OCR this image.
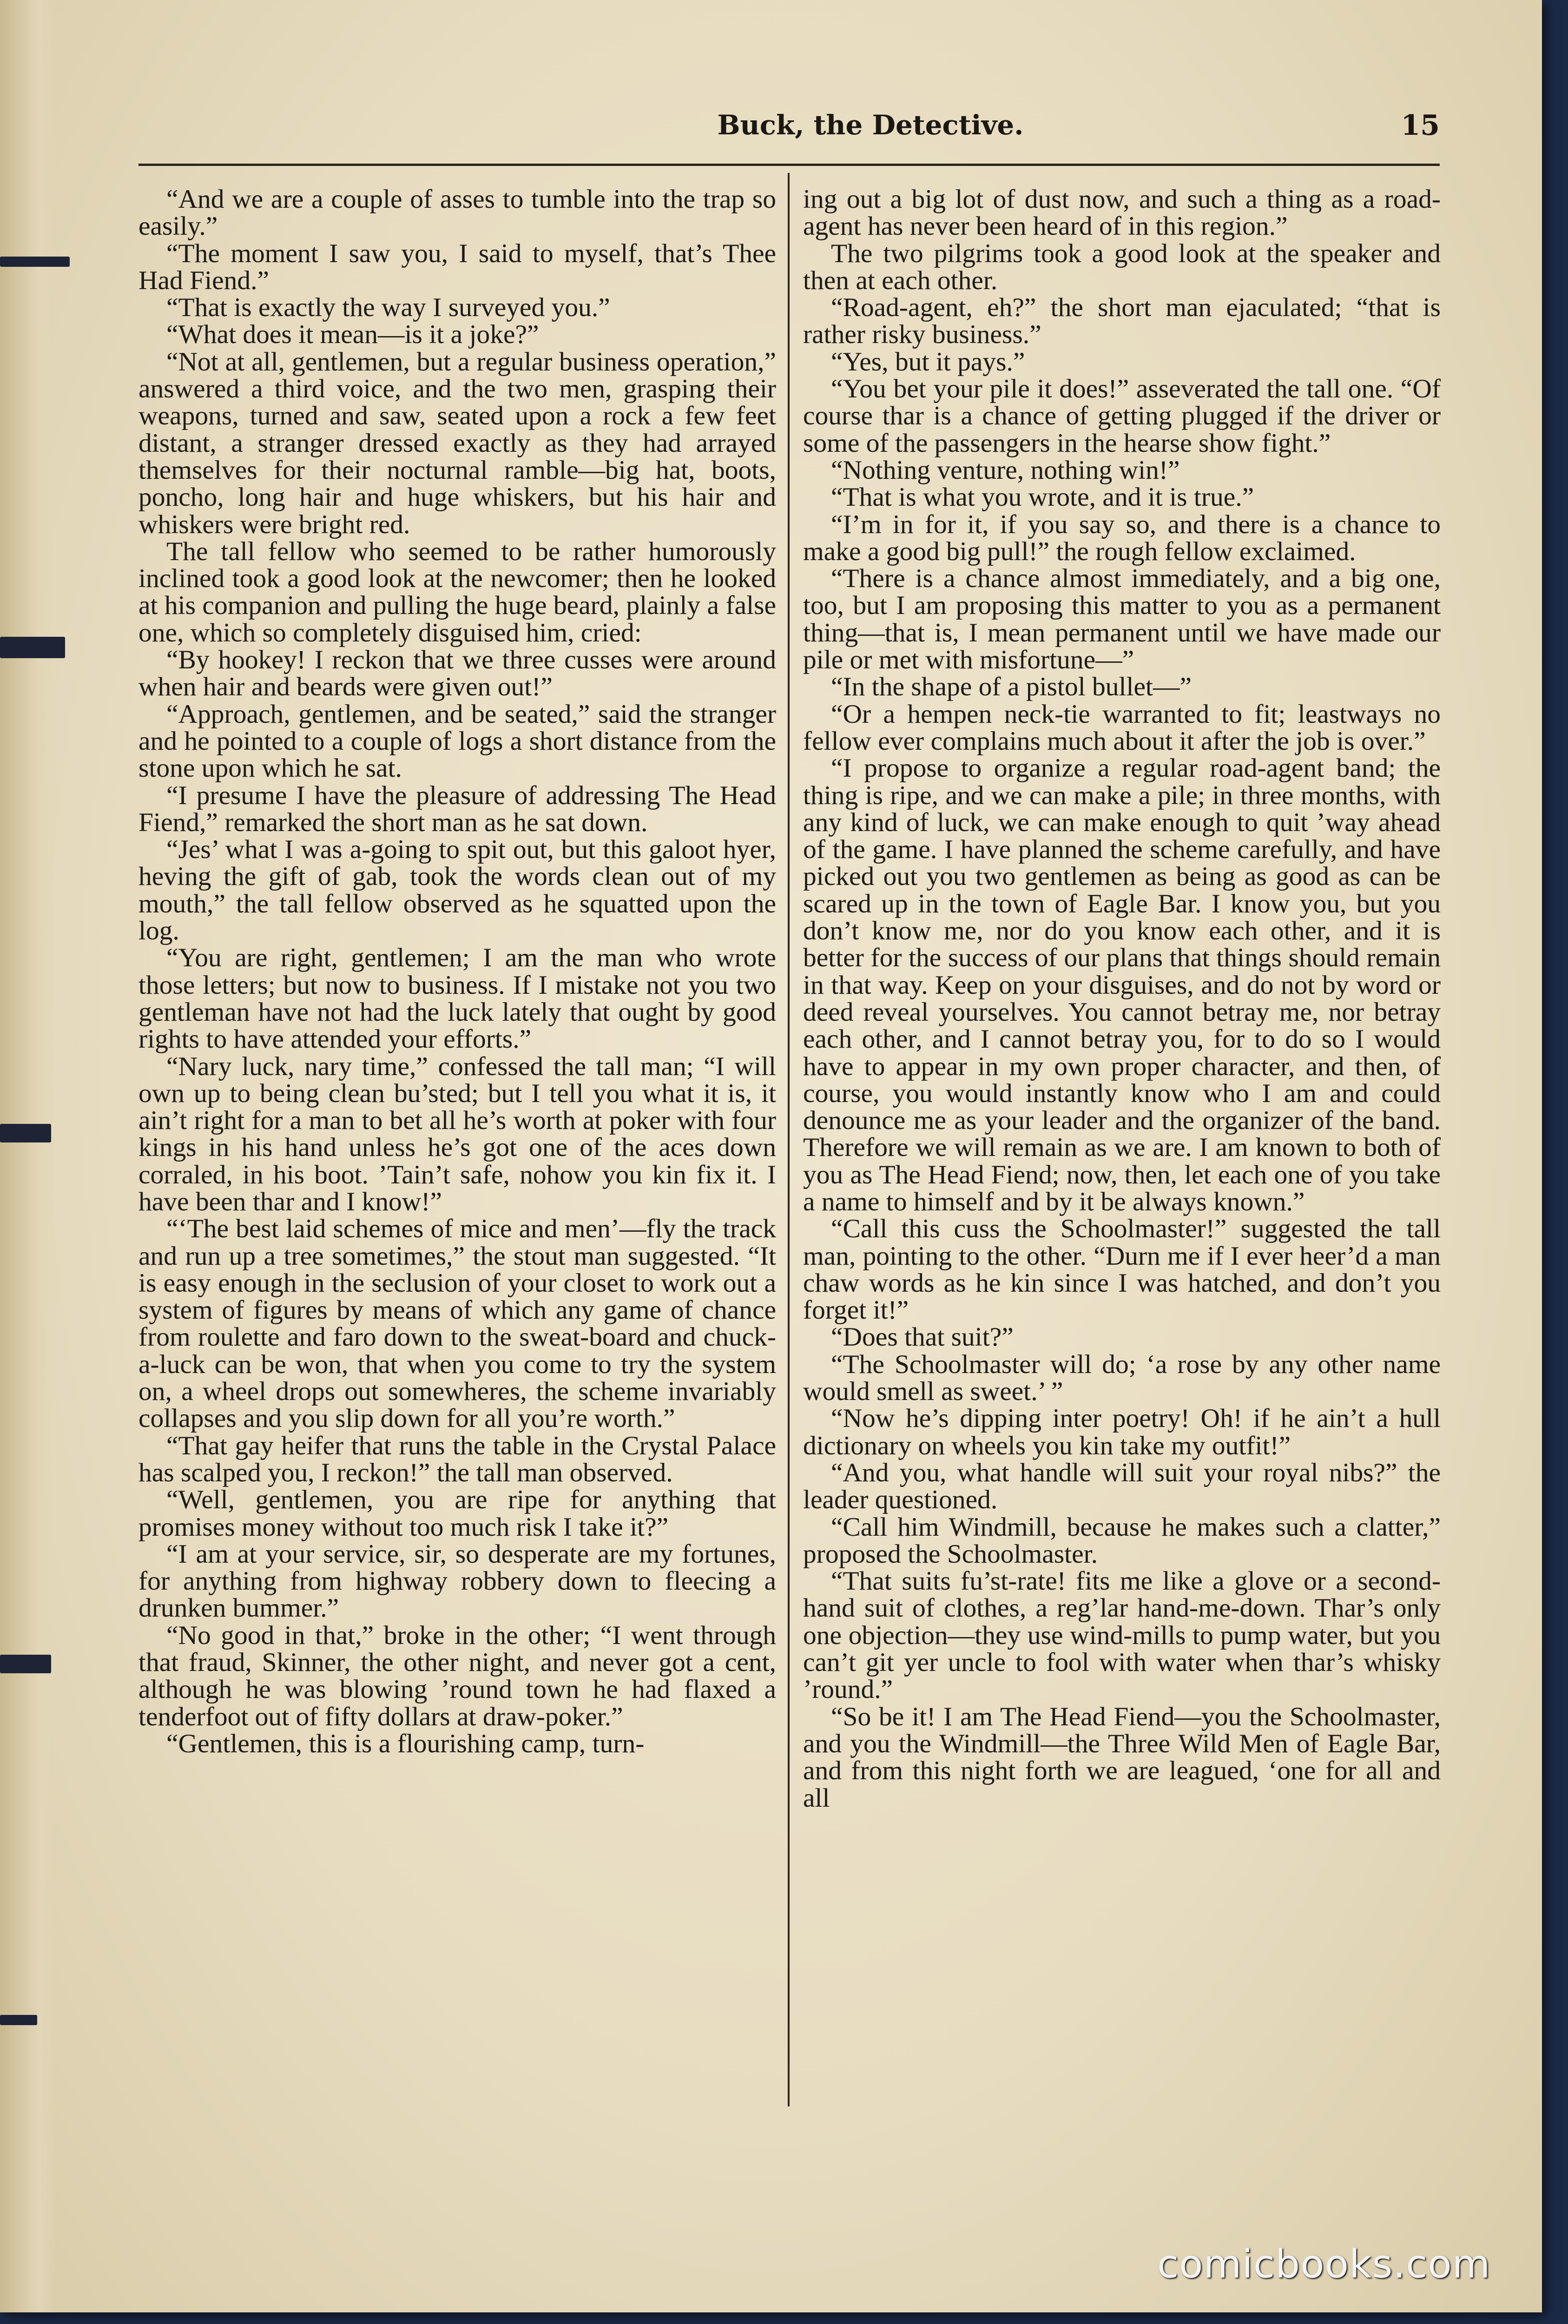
Buck, the Detective.	15

“And we are a couple of asses to tumble into the trap so easily.”

“The moment I saw you, I said to myself, that’s Thee Had Fiend.”

“That is exactly the way I surveyed you.”

“What does it mean—is it a joke?”

“Not at all, gentlemen, but a regular business operation,” answered a third voice, and the two men, grasping their weapons, turned and saw, seated upon a rock a few feet distant, a stranger dressed exactly as they had arrayed themselves for their nocturnal ramble—big hat, boots, poncho, long hair and huge whiskers, but his hair and whiskers were bright red.

The tall fellow who seemed to be rather humorously inclined took a good look at the newcomer; then he looked at his companion and pulling the huge beard, plainly a false one, which so completely disguised him, cried:

“By hookey! I reckon that we three cusses were around when hair and beards were given out!”

“Approach, gentlemen, and be seated,” said the stranger and he pointed to a couple of logs a short distance from the stone upon which he sat.

“I presume I have the pleasure of addressing The Head Fiend,” remarked the short man as he sat down.

“Jes’ what I was a-going to spit out, but this galoot hyer, heving the gift of gab, took the words clean out of my mouth,” the tall fellow observed as he squatted upon the log.

“You are right, gentlemen; I am the man who wrote those letters; but now to business. If I mistake not you two gentleman have not had the luck lately that ought by good rights to have attended your efforts.”

“Nary luck, nary time,” confessed the tall man; “I will own up to being clean bu’sted; but I tell you what it is, it ain’t right for a man to bet all he’s worth at poker with four kings in his hand unless he’s got one of the aces down corraled, in his boot. ’Tain’t safe, nohow you kin fix it. I have been thar and I know!”

“‘The best laid schemes of mice and men’—fly the track and run up a tree sometimes,” the stout man suggested. “It is easy enough in the seclusion of your closet to work out a system of figures by means of which any game of chance from roulette and faro down to the sweat-board and chuck-a-luck can be won, that when you come to try the system on, a wheel drops out somewheres, the scheme invariably collapses and you slip down for all you’re worth.”

“That gay heifer that runs the table in the Crystal Palace has scalped you, I reckon!” the tall man observed.

“Well, gentlemen, you are ripe for anything that promises money without too much risk I take it?”

“I am at your service, sir, so desperate are my fortunes, for anything from highway robbery down to fleecing a drunken bummer.”

“No good in that,” broke in the other; “I went through that fraud, Skinner, the other night, and never got a cent, although he was blowing ’round town he had flaxed a tenderfoot out of fifty dollars at draw-poker.”

“Gentlemen, this is a flourishing camp, turn-

ing out a big lot of dust now, and such a thing as a road-agent has never been heard of in this region.”

The two pilgrims took a good look at the speaker and then at each other.

“Road-agent, eh?” the short man ejaculated; “that is rather risky business.”

“Yes, but it pays.”

“You bet your pile it does!” asseverated the tall one. “Of course thar is a chance of getting plugged if the driver or some of the passengers in the hearse show fight.”

“Nothing venture, nothing win!”

“That is what you wrote, and it is true.”

“I’m in for it, if you say so, and there is a chance to make a good big pull!” the rough fellow exclaimed.

“There is a chance almost immediately, and a big one, too, but I am proposing this matter to you as a permanent thing—that is, I mean permanent until we have made our pile or met with misfortune—”

“In the shape of a pistol bullet—”

“Or a hempen neck-tie warranted to fit; leastways no fellow ever complains much about it after the job is over.”

“I propose to organize a regular road-agent band; the thing is ripe, and we can make a pile; in three months, with any kind of luck, we can make enough to quit ’way ahead of the game. I have planned the scheme carefully, and have picked out you two gentlemen as being as good as can be scared up in the town of Eagle Bar. I know you, but you don’t know me, nor do you know each other, and it is better for the success of our plans that things should remain in that way. Keep on your disguises, and do not by word or deed reveal yourselves. You cannot betray me, nor betray each other, and I cannot betray you, for to do so I would have to appear in my own proper character, and then, of course, you would instantly know who I am and could denounce me as your leader and the organizer of the band. Therefore we will remain as we are. I am known to both of you as The Head Fiend; now, then, let each one of you take a name to himself and by it be always known.”

“Call this cuss the Schoolmaster!” suggested the tall man, pointing to the other. “Durn me if I ever heer’d a man chaw words as he kin since I was hatched, and don’t you forget it!”

“Does that suit?”

“The Schoolmaster will do; ‘a rose by any other name would smell as sweet.’ ”

“Now he’s dipping inter poetry! Oh! if he ain’t a hull dictionary on wheels you kin take my outfit!”

“And you, what handle will suit your royal nibs?” the leader questioned.

“Call him Windmill, because he makes such a clatter,” proposed the Schoolmaster.

“That suits fu’st-rate! fits me like a glove or a second-hand suit of clothes, a reg’lar hand-me-down. Thar’s only one objection—they use wind-mills to pump water, but you can’t git yer uncle to fool with water when thar’s whisky ’round.”

“So be it! I am The Head Fiend—you the Schoolmaster, and you the Windmill—the Three Wild Men of Eagle Bar, and from this night forth we are leagued, ‘one for all and all

comicbooks.com
